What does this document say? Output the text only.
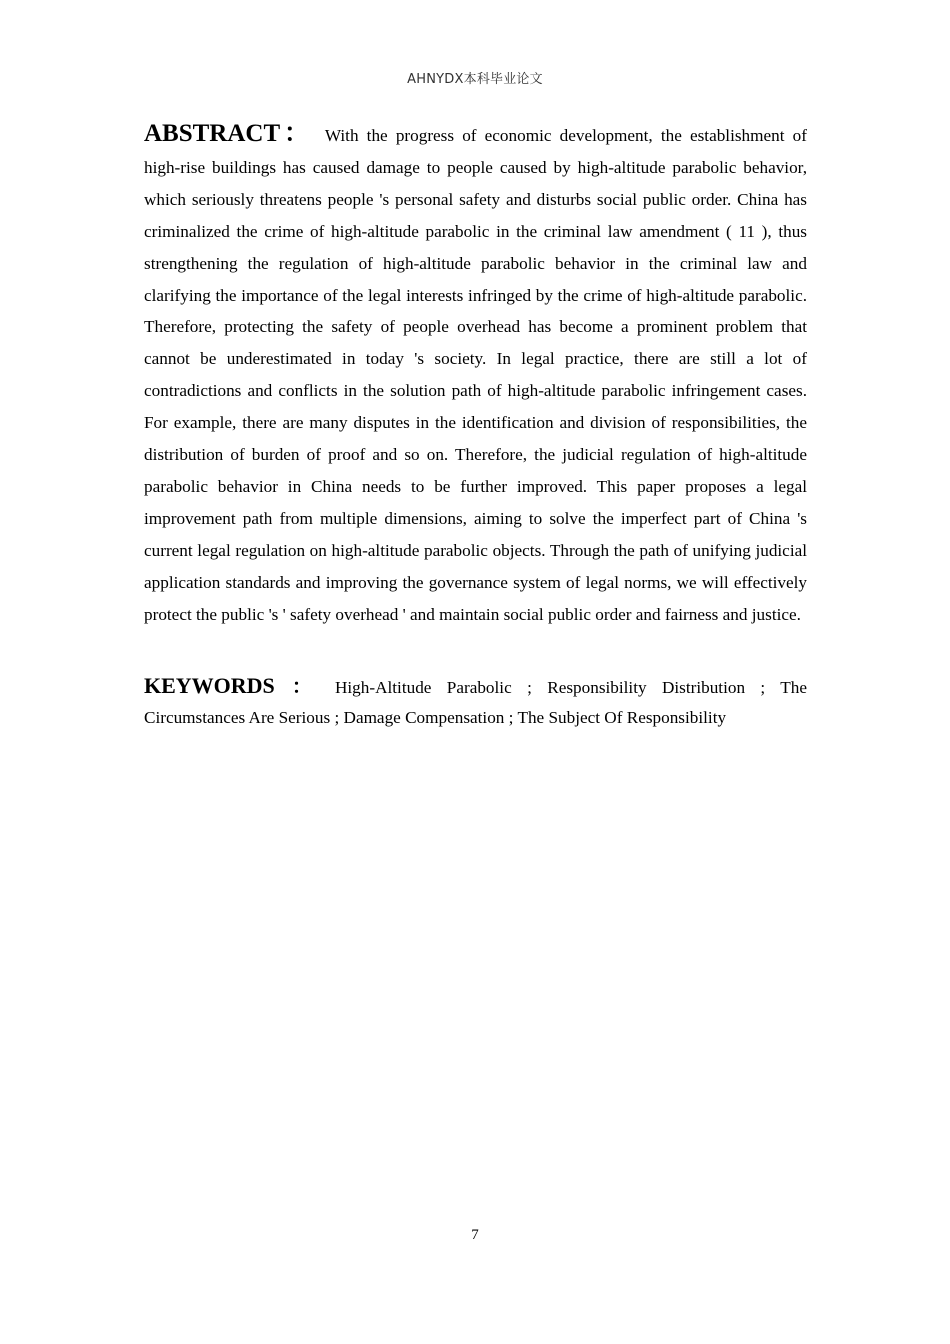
AHNYDX本科毕业论文

ABSTRACT： With the progress of economic development, the establishment of high-rise buildings has caused damage to people caused by high-altitude parabolic behavior, which seriously threatens people 's personal safety and disturbs social public order. China has criminalized the crime of high-altitude parabolic in the criminal law amendment ( 11 ), thus strengthening the regulation of high-altitude parabolic behavior in the criminal law and clarifying the importance of the legal interests infringed by the crime of high-altitude parabolic. Therefore, protecting the safety of people overhead has become a prominent problem that cannot be underestimated in today 's society. In legal practice, there are still a lot of contradictions and conflicts in the solution path of high-altitude parabolic infringement cases. For example, there are many disputes in the identification and division of responsibilities, the distribution of burden of proof and so on. Therefore, the judicial regulation of high-altitude parabolic behavior in China needs to be further improved. This paper proposes a legal improvement path from multiple dimensions, aiming to solve the imperfect part of China 's current legal regulation on high-altitude parabolic objects. Through the path of unifying judicial application standards and improving the governance system of legal norms, we will effectively protect the public 's ' safety overhead ' and maintain social public order and fairness and justice.

KEYWORDS ： High-Altitude Parabolic ; Responsibility Distribution ; The Circumstances Are Serious ; Damage Compensation ; The Subject Of Responsibility

7
